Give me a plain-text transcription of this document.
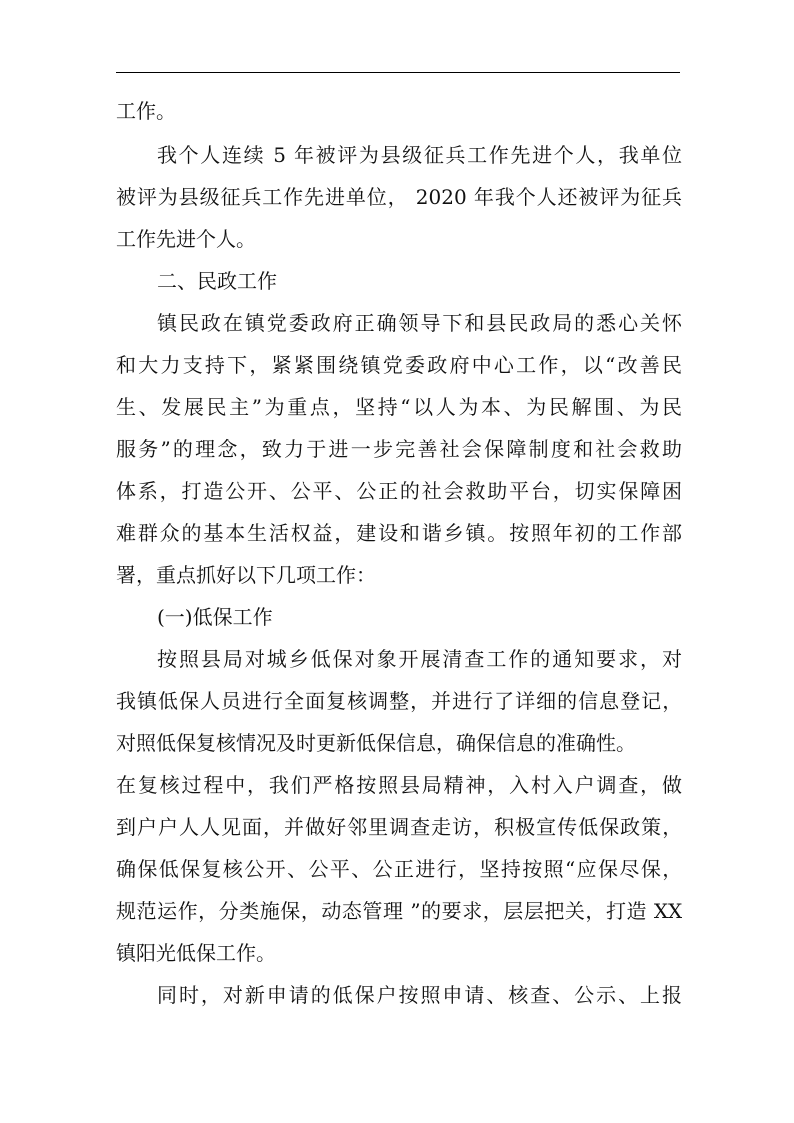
工作。
我个人连续 5 年被评为县级征兵工作先进个人，我单位
被评为县级征兵工作先进单位， 2020 年我个人还被评为征兵
工作先进个人。
二、民政工作
镇民政在镇党委政府正确领导下和县民政局的悉心关怀
和大力支持下，紧紧围绕镇党委政府中心工作，以“改善民
生、发展民主”为重点，坚持“以人为本、为民解围、为民
服务”的理念，致力于进一步完善社会保障制度和社会救助
体系，打造公开、公平、公正的社会救助平台，切实保障困
难群众的基本生活权益，建设和谐乡镇。按照年初的工作部
署，重点抓好以下几项工作：
(一)低保工作
按照县局对城乡低保对象开展清查工作的通知要求，对
我镇低保人员进行全面复核调整，并进行了详细的信息登记，
对照低保复核情况及时更新低保信息，确保信息的准确性。
在复核过程中，我们严格按照县局精神，入村入户调查，做
到户户人人见面，并做好邻里调查走访，积极宣传低保政策，
确保低保复核公开、公平、公正进行，坚持按照“应保尽保，
规范运作，分类施保，动态管理 ”的要求，层层把关，打造 XX
镇阳光低保工作。
同时，对新申请的低保户按照申请、核查、公示、上报
